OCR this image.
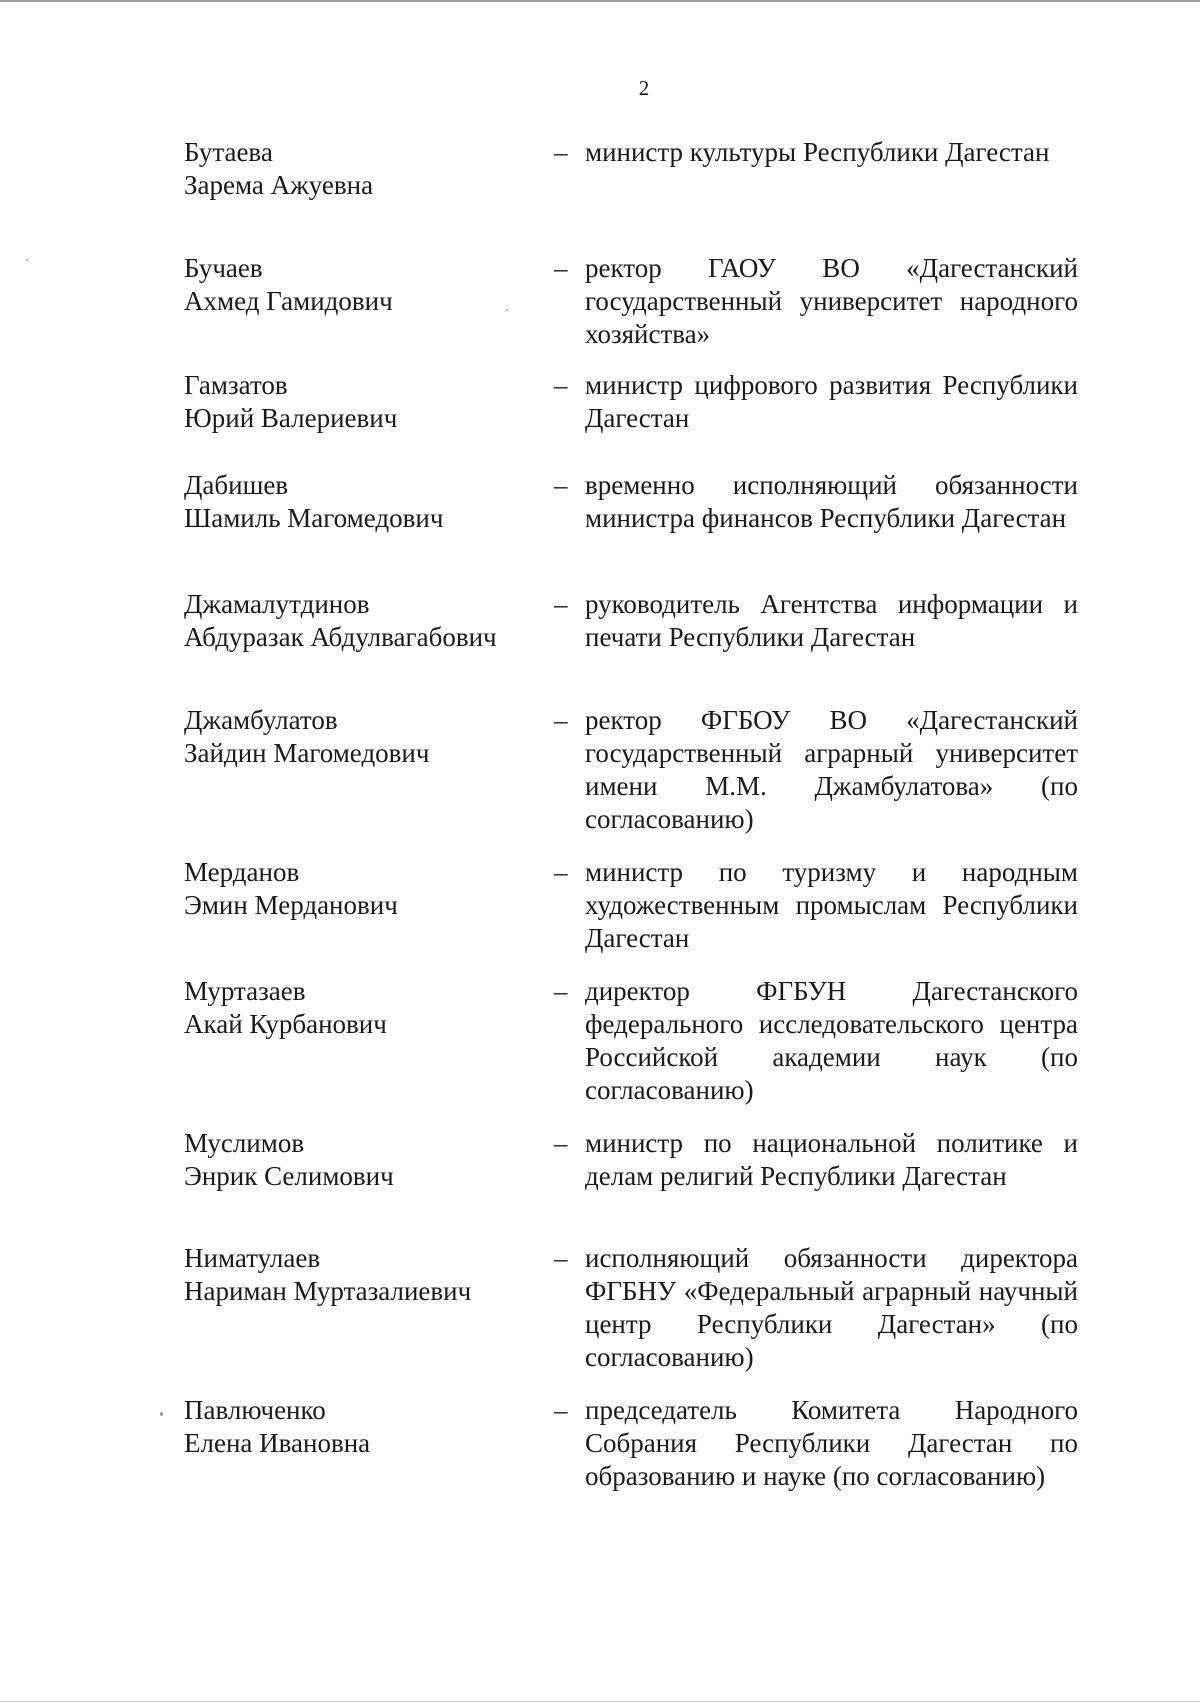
2
Бутаева
Зарема Ажуевна
– министр культуры Республики Дагестан
Бучаев
Ахмед Гамидович
– ректор ГАОУ ВО «Дагестанский государственный университет народного хозяйства»
Гамзатов
Юрий Валериевич
– министр цифрового развития Республики Дагестан
Дабишев
Шамиль Магомедович
– временно исполняющий обязанности министра финансов Республики Дагестан
Джамалутдинов
Абдуразак Абдулвагабович
– руководитель Агентства информации и печати Республики Дагестан
Джамбулатов
Зайдин Магомедович
– ректор ФГБОУ ВО «Дагестанский государственный аграрный университет имени М.М. Джамбулатова» (по согласованию)
Мерданов
Эмин Мерданович
– министр по туризму и народным художественным промыслам Республики Дагестан
Муртазаев
Акай Курбанович
– директор ФГБУН Дагестанского федерального исследовательского центра Российской академии наук (по согласованию)
Муслимов
Энрик Селимович
– министр по национальной политике и делам религий Республики Дагестан
Ниматулаев
Нариман Муртазалиевич
– исполняющий обязанности директора ФГБНУ «Федеральный аграрный научный центр Республики Дагестан» (по согласованию)
Павлюченко
Елена Ивановна
– председатель Комитета Народного Собрания Республики Дагестан по образованию и науке (по согласованию)
